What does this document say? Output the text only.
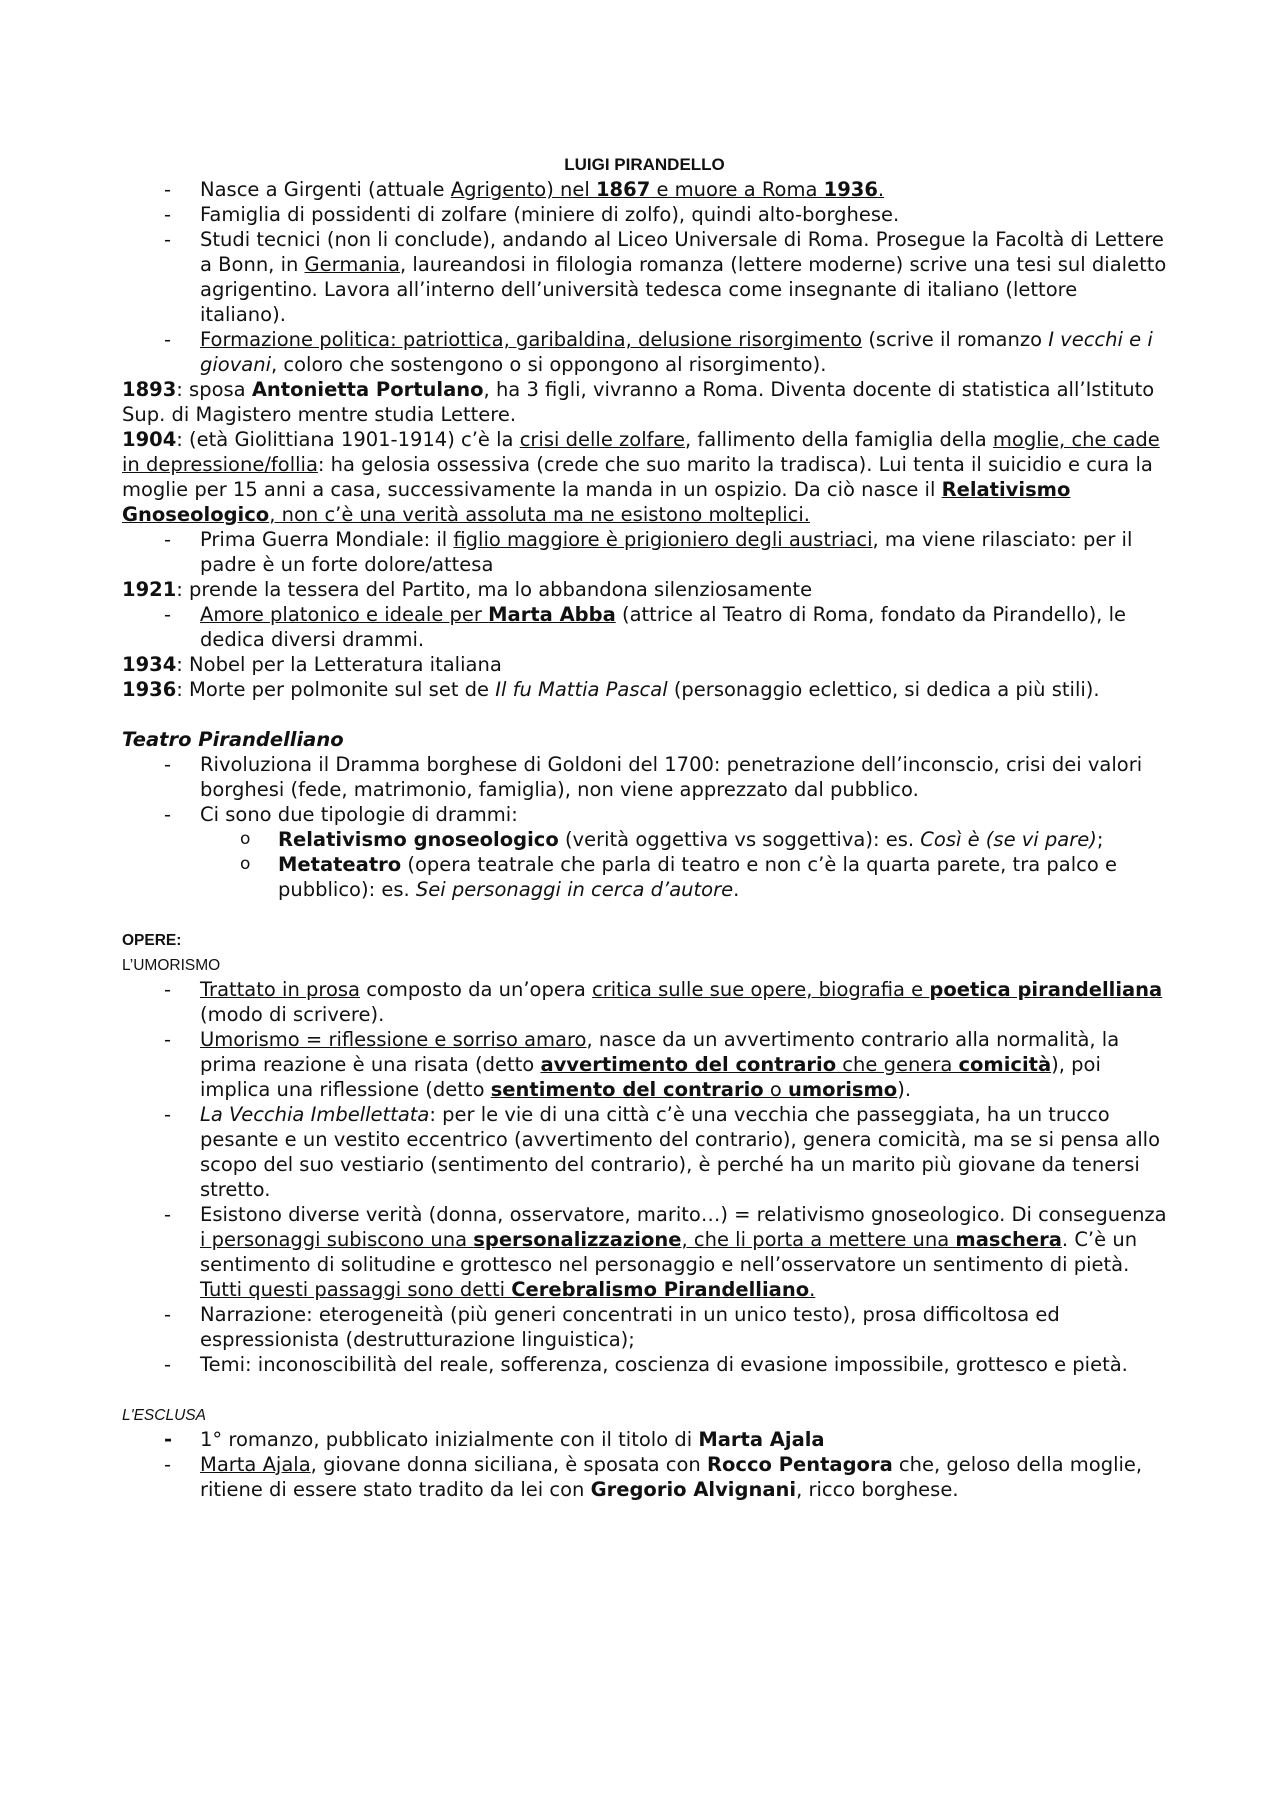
LUIGI PIRANDELLO
- Nasce a Girgenti (attuale Agrigento) nel 1867 e muore a Roma 1936.
- Famiglia di possidenti di zolfare (miniere di zolfo), quindi alto-borghese.
- Studi tecnici (non li conclude), andando al Liceo Universale di Roma. Prosegue la Facoltà di Lettere a Bonn, in Germania, laureandosi in filologia romanza (lettere moderne) scrive una tesi sul dialetto agrigentino. Lavora all’interno dell’università tedesca come insegnante di italiano (lettore italiano).
- Formazione politica: patriottica, garibaldina, delusione risorgimento (scrive il romanzo I vecchi e i giovani, coloro che sostengono o si oppongono al risorgimento).
1893: sposa Antonietta Portulano, ha 3 figli, vivranno a Roma. Diventa docente di statistica all’Istituto Sup. di Magistero mentre studia Lettere.
1904: (età Giolittiana 1901-1914) c’è la crisi delle zolfare, fallimento della famiglia della moglie, che cade in depressione/follia: ha gelosia ossessiva (crede che suo marito la tradisca). Lui tenta il suicidio e cura la moglie per 15 anni a casa, successivamente la manda in un ospizio. Da ciò nasce il Relativismo Gnoseologico, non c’è una verità assoluta ma ne esistono molteplici.
- Prima Guerra Mondiale: il figlio maggiore è prigioniero degli austriaci, ma viene rilasciato: per il padre è un forte dolore/attesa
1921: prende la tessera del Partito, ma lo abbandona silenziosamente
- Amore platonico e ideale per Marta Abba (attrice al Teatro di Roma, fondato da Pirandello), le dedica diversi drammi.
1934: Nobel per la Letteratura italiana
1936: Morte per polmonite sul set de Il fu Mattia Pascal (personaggio eclettico, si dedica a più stili).
Teatro Pirandelliano
- Rivoluziona il Dramma borghese di Goldoni del 1700: penetrazione dell’inconscio, crisi dei valori borghesi (fede, matrimonio, famiglia), non viene apprezzato dal pubblico.
- Ci sono due tipologie di drammi:
o Relativismo gnoseologico (verità oggettiva vs soggettiva): es. Così è (se vi pare);
o Metateatro (opera teatrale che parla di teatro e non c’è la quarta parete, tra palco e pubblico): es. Sei personaggi in cerca d’autore.
OPERE:
L’UMORISMO
- Trattato in prosa composto da un’opera critica sulle sue opere, biografia e poetica pirandelliana (modo di scrivere).
- Umorismo = riflessione e sorriso amaro, nasce da un avvertimento contrario alla normalità, la prima reazione è una risata (detto avvertimento del contrario che genera comicità), poi implica una riflessione (detto sentimento del contrario o umorismo).
- La Vecchia Imbellettata: per le vie di una città c’è una vecchia che passeggiata, ha un trucco pesante e un vestito eccentrico (avvertimento del contrario), genera comicità, ma se si pensa allo scopo del suo vestiario (sentimento del contrario), è perché ha un marito più giovane da tenersi stretto.
- Esistono diverse verità (donna, osservatore, marito…) = relativismo gnoseologico. Di conseguenza i personaggi subiscono una spersonalizzazione, che li porta a mettere una maschera. C’è un sentimento di solitudine e grottesco nel personaggio e nell’osservatore un sentimento di pietà. Tutti questi passaggi sono detti Cerebralismo Pirandelliano.
- Narrazione: eterogeneità (più generi concentrati in un unico testo), prosa difficoltosa ed espressionista (destrutturazione linguistica);
- Temi: inconoscibilità del reale, sofferenza, coscienza di evasione impossibile, grottesco e pietà.
L'ESCLUSA
- 1° romanzo, pubblicato inizialmente con il titolo di Marta Ajala
- Marta Ajala, giovane donna siciliana, è sposata con Rocco Pentagora che, geloso della moglie, ritiene di essere stato tradito da lei con Gregorio Alvignani, ricco borghese.
